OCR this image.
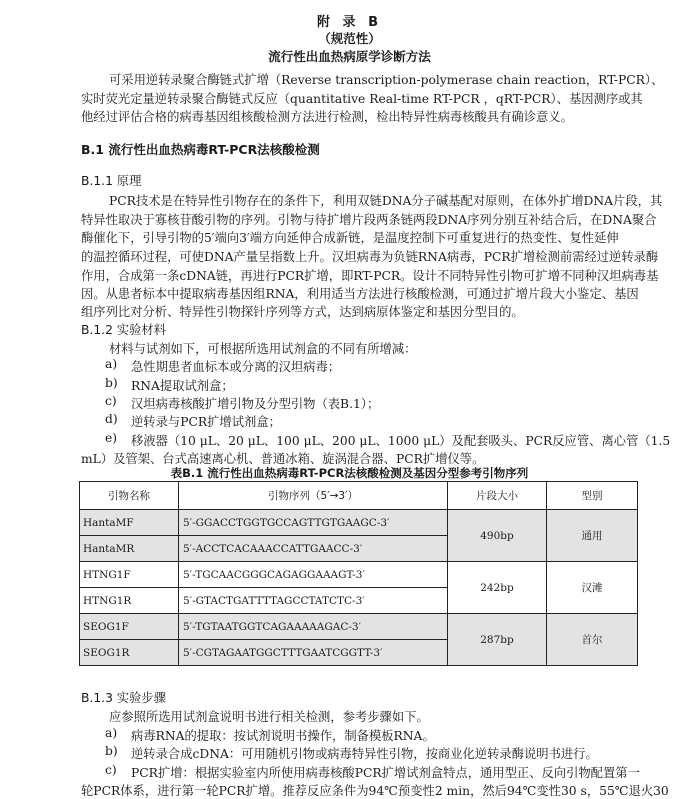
附 录 B
（规范性）
流行性出血热病原学诊断方法
可采用逆转录聚合酶链式扩增（Reverse transcription-polymerase chain reaction，RT-PCR）、
实时荧光定量逆转录聚合酶链式反应（quantitative Real-time RT-PCR ，qRT-PCR）、基因测序或其
他经过评估合格的病毒基因组核酸检测方法进行检测，检出特异性病毒核酸具有确诊意义。
B.1 流行性出血热病毒RT-PCR法核酸检测
B.1.1 原理
PCR技术是在特异性引物存在的条件下，利用双链DNA分子碱基配对原则，在体外扩增DNA片段，其
特异性取决于寡核苷酸引物的序列。引物与待扩增片段两条链两段DNA序列分别互补结合后，在DNA聚合
酶催化下，引导引物的5′端向3′端方向延伸合成新链，是温度控制下可重复进行的热变性、复性延伸
的温控循环过程，可使DNA产量呈指数上升。汉坦病毒为负链RNA病毒，PCR扩增检测前需经过逆转录酶
作用，合成第一条cDNA链，再进行PCR扩增，即RT-PCR。设计不同特异性引物可扩增不同种汉坦病毒基
因。从患者标本中提取病毒基因组RNA，利用适当方法进行核酸检测，可通过扩增片段大小鉴定、基因
组序列比对分析、特异性引物探针序列等方式，达到病原体鉴定和基因分型目的。
B.1.2 实验材料
材料与试剂如下，可根据所选用试剂盒的不同有所增减：
a) 急性期患者血标本或分离的汉坦病毒；
b) RNA提取试剂盒；
c) 汉坦病毒核酸扩增引物及分型引物（表B.1）；
d) 逆转录与PCR扩增试剂盒；
e) 移液器（10 μL、20 μL、100 μL、200 μL、1000 μL）及配套吸头、PCR反应管、离心管（1.5
mL）及管架、台式高速离心机、普通冰箱、旋涡混合器、PCR扩增仪等。
表B.1 流行性出血热病毒RT-PCR法核酸检测及基因分型参考引物序列
引物名称	引物序列（5′→3′）	片段大小	型别
HantaMF	5′-GGACCTGGTGCCAGTTGTGAAGC-3′	490bp	通用
HantaMR	5′-ACCTCACAAACCATTGAACC-3′		
HTNG1F	5′-TGCAACGGGCAGAGGAAAGT-3′	242bp	汉滩
HTNG1R	5′-GTACTGATTTTAGCCTATCTC-3′		
SEOG1F	5′-TGTAATGGTCAGAAAAAGAC-3′	287bp	首尔
SEOG1R	5′-CGTAGAATGGCTTTGAATCGGTT-3′		
B.1.3 实验步骤
应参照所选用试剂盒说明书进行相关检测，参考步骤如下。
a) 病毒RNA的提取：按试剂说明书操作，制备模板RNA。
b) 逆转录合成cDNA：可用随机引物或病毒特异性引物，按商业化逆转录酶说明书进行。
c) PCR扩增：根据实验室内所使用病毒核酸PCR扩增试剂盒特点，通用型正、反向引物配置第一
轮PCR体系，进行第一轮PCR扩增。推荐反应条件为94℃预变性2 min，然后94℃变性30 s，55℃退火30
